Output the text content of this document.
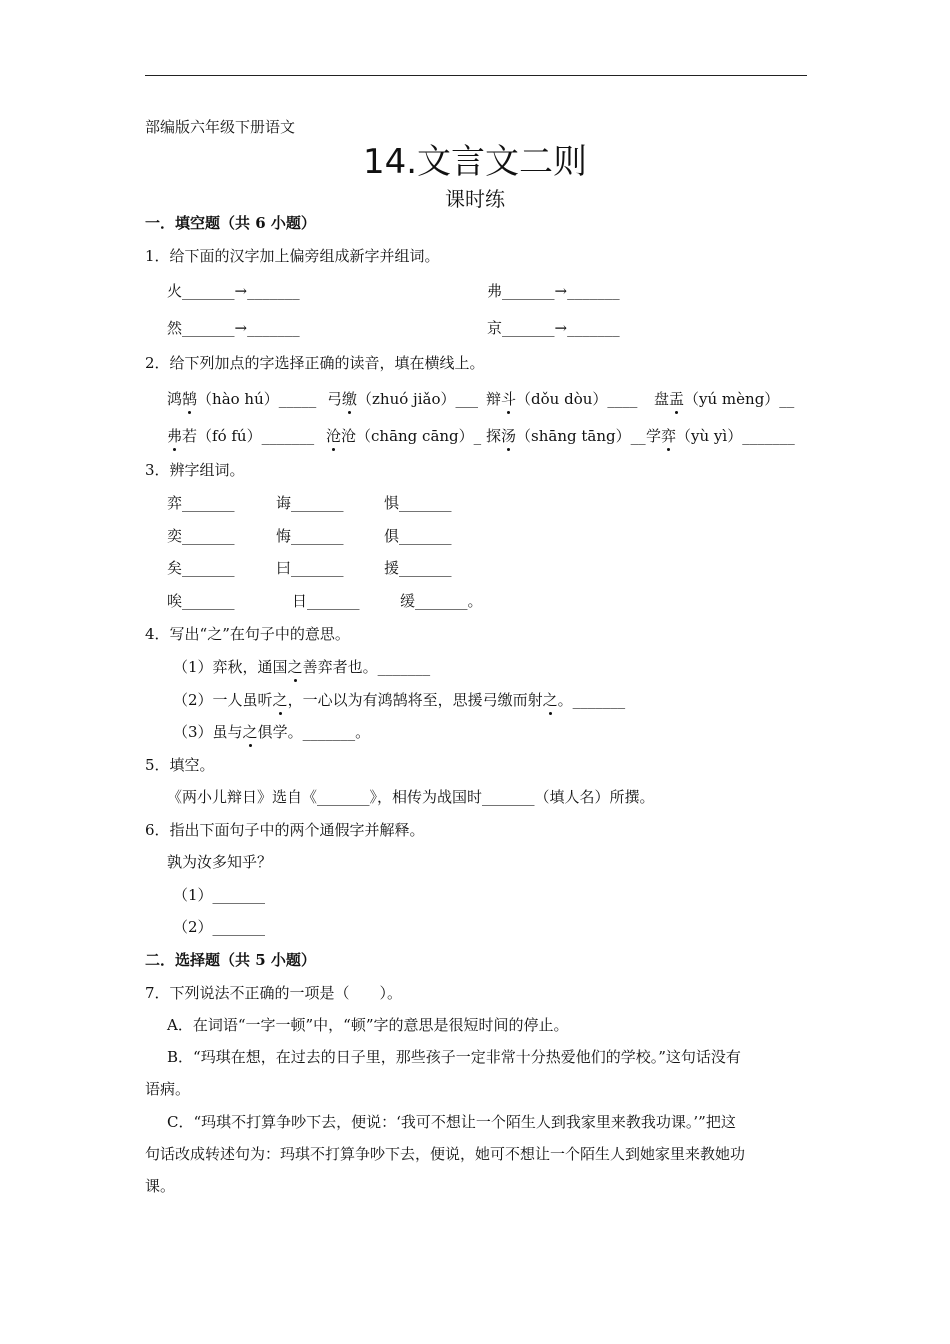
部编版六年级下册语文
14.文言文二则
课时练
一．填空题（共 6 小题）
1．给下面的汉字加上偏旁组成新字并组词。
火_______→_______	弗_______→_______
然_______→_______	京_______→_______
2．给下列加点的字选择正确的读音，填在横线上。
鸿鹄（hào hú）_____ 弓缴（zhuó jiǎo）___ 辩斗（dǒu dòu）____ 盘盂（yú mèng）__
弗若（fó fú）_______ 沧沧（chāng cāng）_ 探汤（shāng tāng）__ 学弈（yù yì）_______
3．辨字组词。
弈_______	诲_______	惧_______
奕_______	悔_______	俱_______
矣_______	曰_______	援_______
唉_______	日_______	缓_______。
4．写出“之”在句子中的意思。
（1）弈秋，通国之善弈者也。_______
（2）一人虽听之，一心以为有鸿鹄将至，思援弓缴而射之。_______
（3）虽与之俱学。_______。
5．填空。
《两小儿辩日》选自《_______》，相传为战国时_______（填人名）所撰。
6．指出下面句子中的两个通假字并解释。
孰为汝多知乎？
（1）_______
（2）_______
二．选择题（共 5 小题）
7．下列说法不正确的一项是（　　）。
A．在词语“一字一顿”中，“顿”字的意思是很短时间的停止。
B．“玛琪在想，在过去的日子里，那些孩子一定非常十分热爱他们的学校。”这句话没有
语病。
C．“玛琪不打算争吵下去，便说：‘我可不想让一个陌生人到我家里来教我功课。’”把这
句话改成转述句为：玛琪不打算争吵下去，便说，她可不想让一个陌生人到她家里来教她功
课。
